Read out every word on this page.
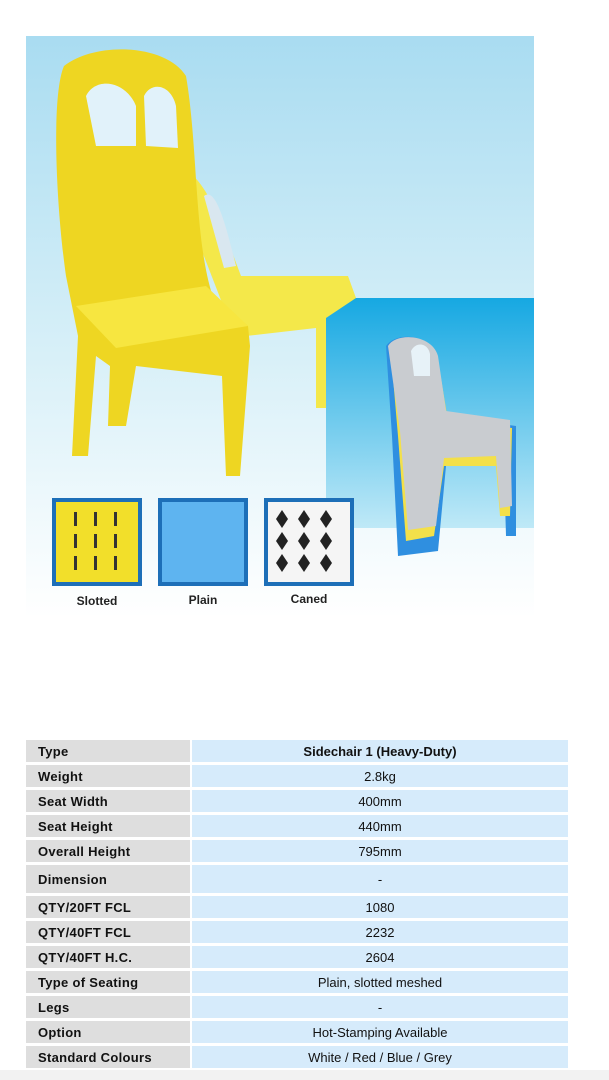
Slotted	Plain	Caned
Type	Sidechair 1 (Heavy-Duty)
Weight	2.8kg
Seat Width	400mm
Seat Height	440mm
Overall Height	795mm
Dimension	-
QTY/20FT FCL	1080
QTY/40FT FCL	2232
QTY/40FT H.C.	2604
Type of Seating	Plain, slotted meshed
Legs	-
Option	Hot-Stamping Available
Standard Colours	White / Red / Blue / Grey
